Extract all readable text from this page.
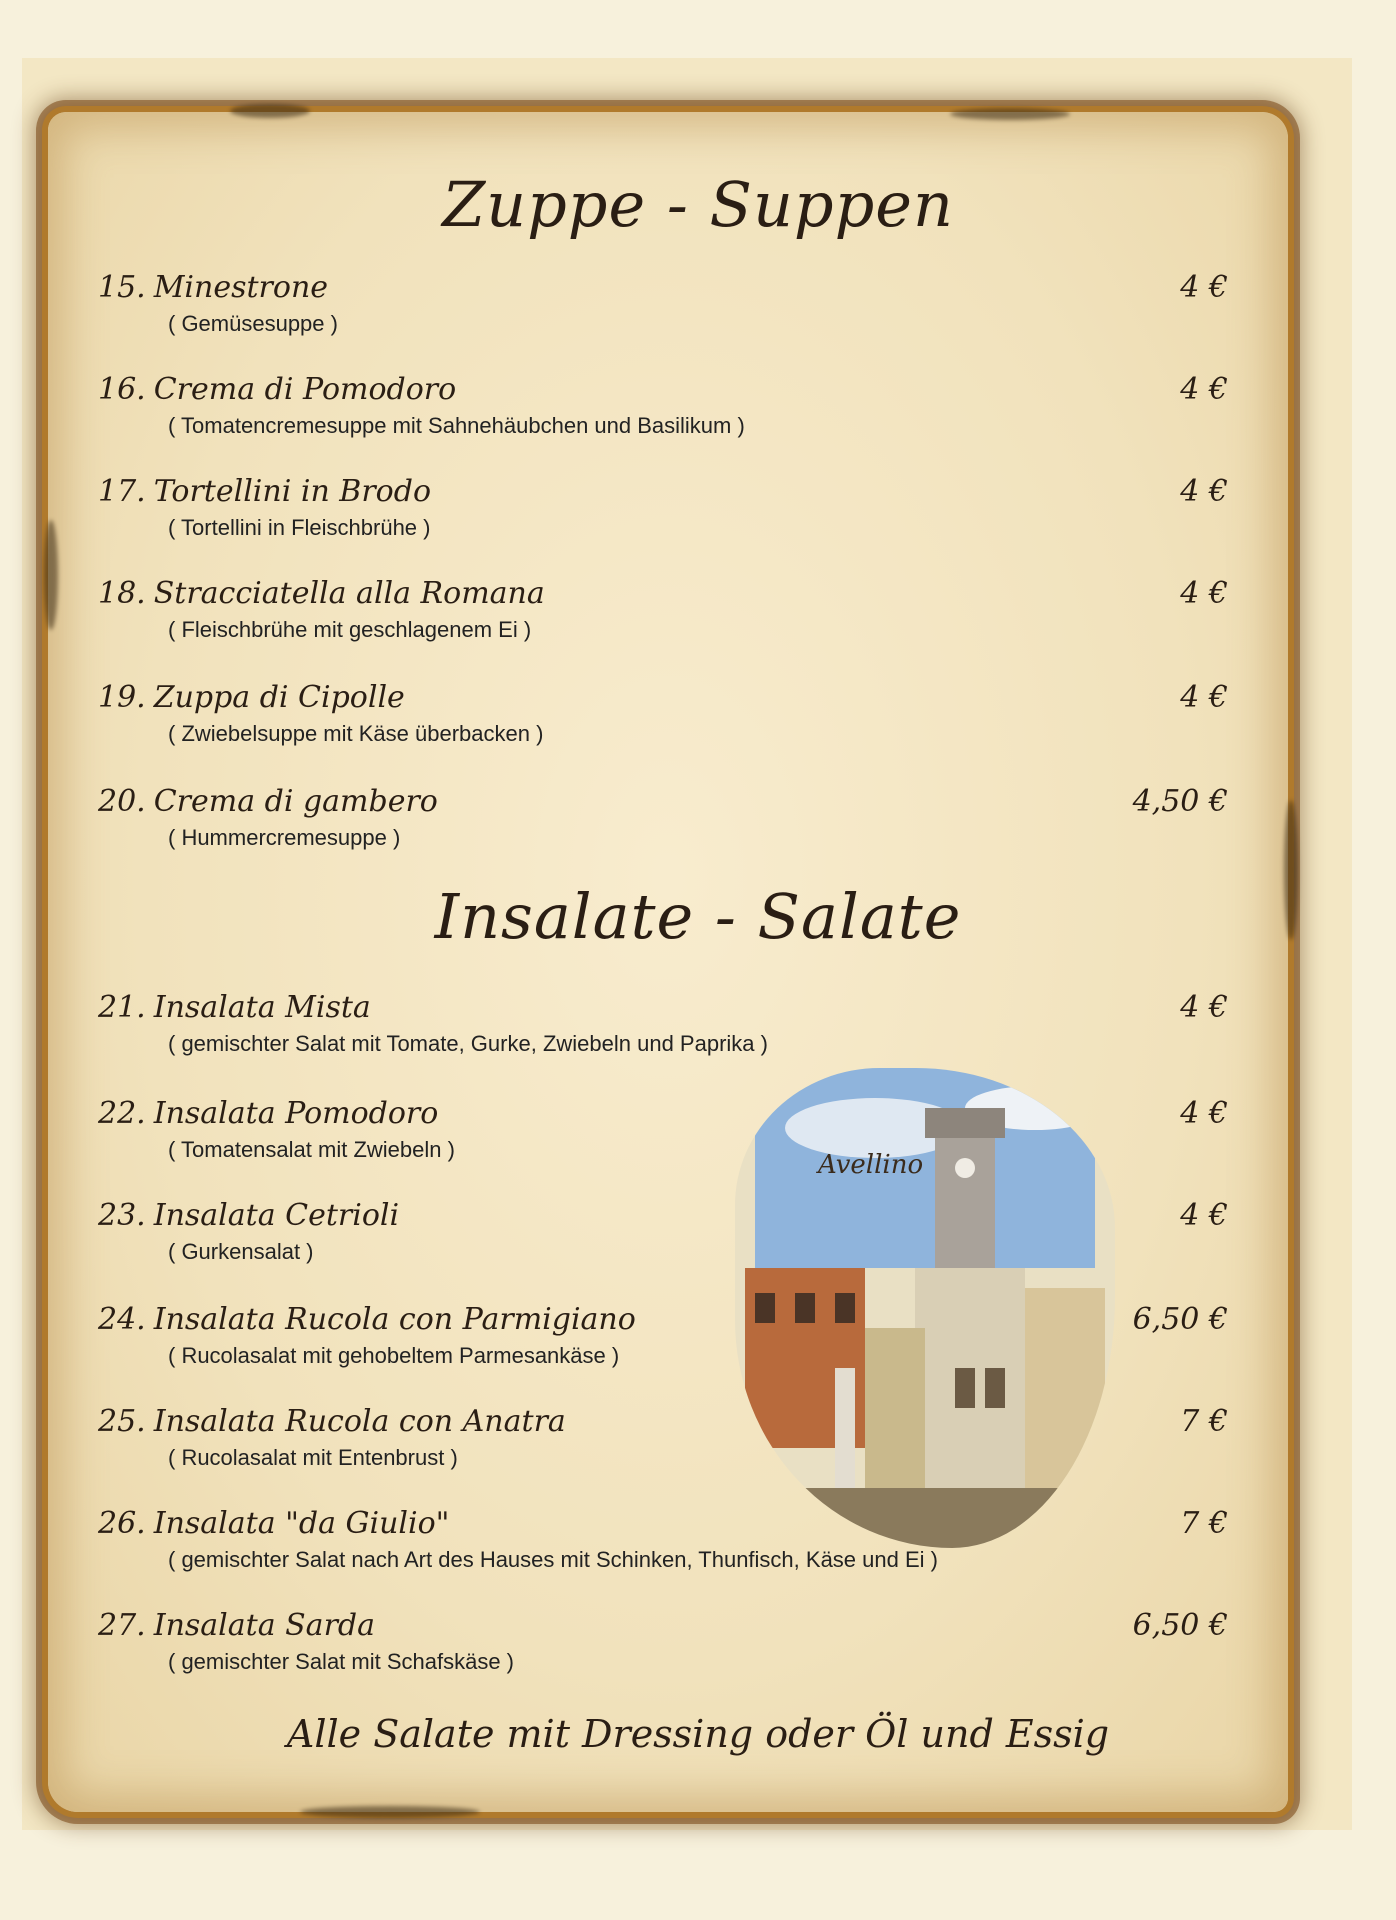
Zuppe - Suppen
15. Minestrone	4 €
( Gemüsesuppe )
16. Crema di Pomodoro	4 €
( Tomatencremesuppe mit Sahnehäubchen und Basilikum )
17. Tortellini in Brodo	4 €
( Tortellini in Fleischbrühe )
18. Stracciatella alla Romana	4 €
( Fleischbrühe mit geschlagenem Ei )
19. Zuppa di Cipolle	4 €
( Zwiebelsuppe mit Käse überbacken )
20. Crema di gambero	4,50 €
( Hummercremesuppe )
Insalate - Salate
21. Insalata Mista	4 €
( gemischter Salat mit Tomate, Gurke, Zwiebeln und Paprika )
22. Insalata Pomodoro	4 €
( Tomatensalat mit Zwiebeln )
23. Insalata Cetrioli	4 €
( Gurkensalat )
24. Insalata Rucola con Parmigiano	6,50 €
( Rucolasalat mit gehobeltem Parmesankäse )
25. Insalata Rucola con Anatra	7 €
( Rucolasalat mit Entenbrust )
26. Insalata "da Giulio"	7 €
( gemischter Salat nach Art des Hauses mit Schinken, Thunfisch, Käse und Ei )
27. Insalata Sarda	6,50 €
( gemischter Salat mit Schafskäse )
Avellino
Alle Salate mit Dressing oder Öl und Essig
